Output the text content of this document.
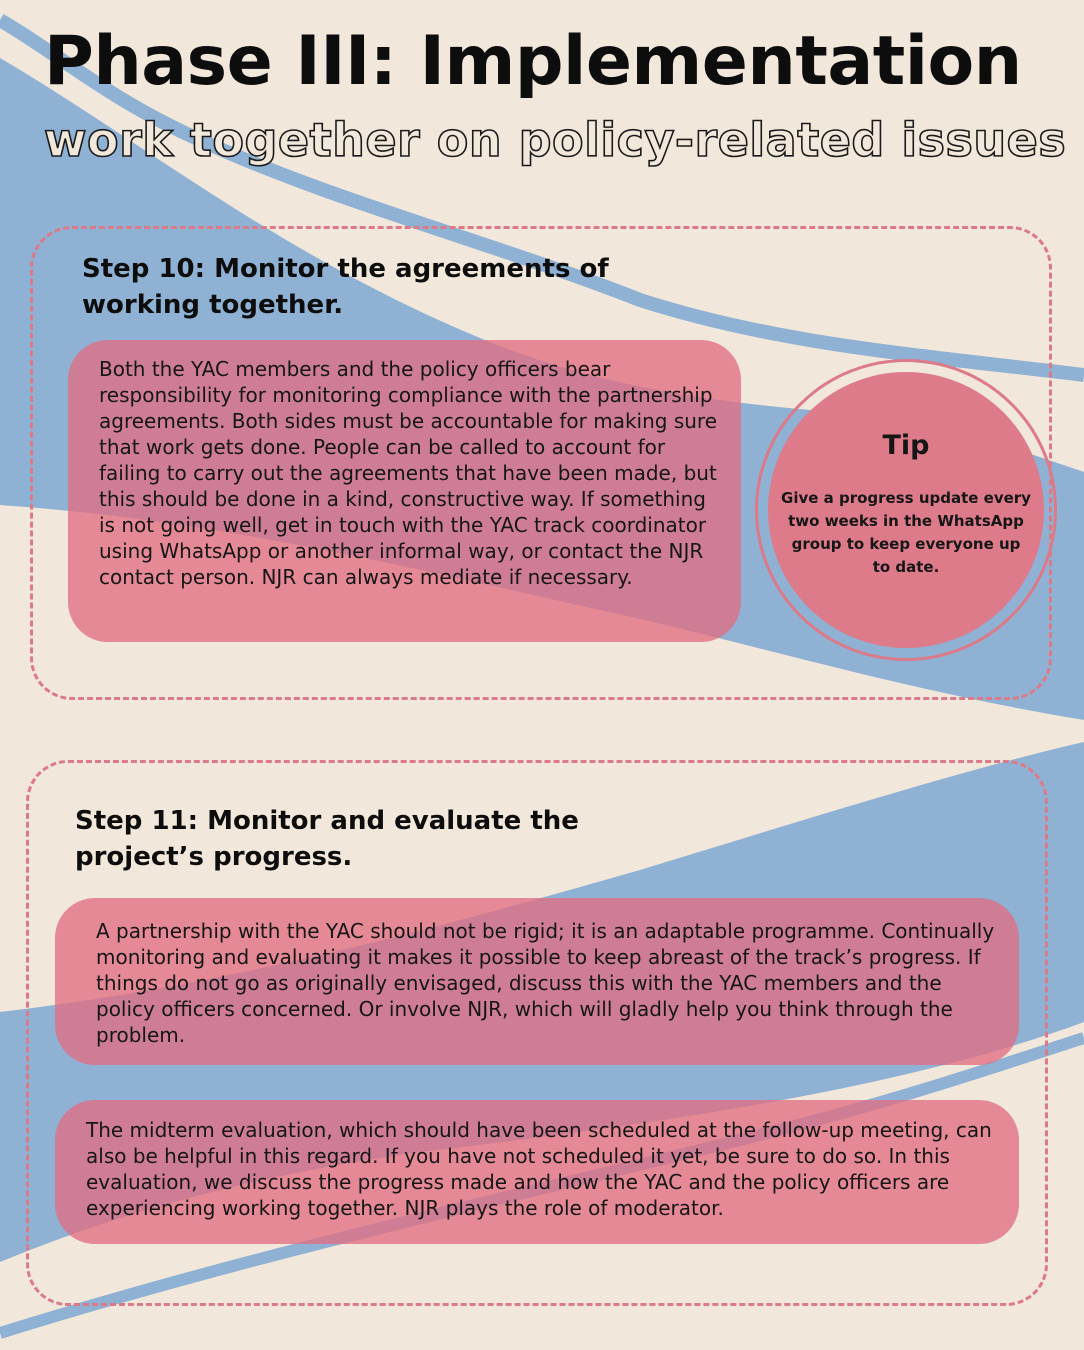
Phase III: Implementation
work together on policy-related issues
Step 10: Monitor the agreements of working together.

Both the YAC members and the policy officers bear responsibility for monitoring compliance with the partnership agreements. Both sides must be accountable for making sure that work gets done. People can be called to account for failing to carry out the agreements that have been made, but this should be done in a kind, constructive way. If something is not going well, get in touch with the YAC track coordinator using WhatsApp or another informal way, or contact the NJR contact person. NJR can always mediate if necessary.

Tip
Give a progress update every two weeks in the WhatsApp group to keep everyone up to date.
Step 11: Monitor and evaluate the project’s progress.

A partnership with the YAC should not be rigid; it is an adaptable programme. Continually monitoring and evaluating it makes it possible to keep abreast of the track’s progress. If things do not go as originally envisaged, discuss this with the YAC members and the policy officers concerned. Or involve NJR, which will gladly help you think through the problem.

The midterm evaluation, which should have been scheduled at the follow-up meeting, can also be helpful in this regard. If you have not scheduled it yet, be sure to do so. In this evaluation, we discuss the progress made and how the YAC and the policy officers are experiencing working together. NJR plays the role of moderator.
